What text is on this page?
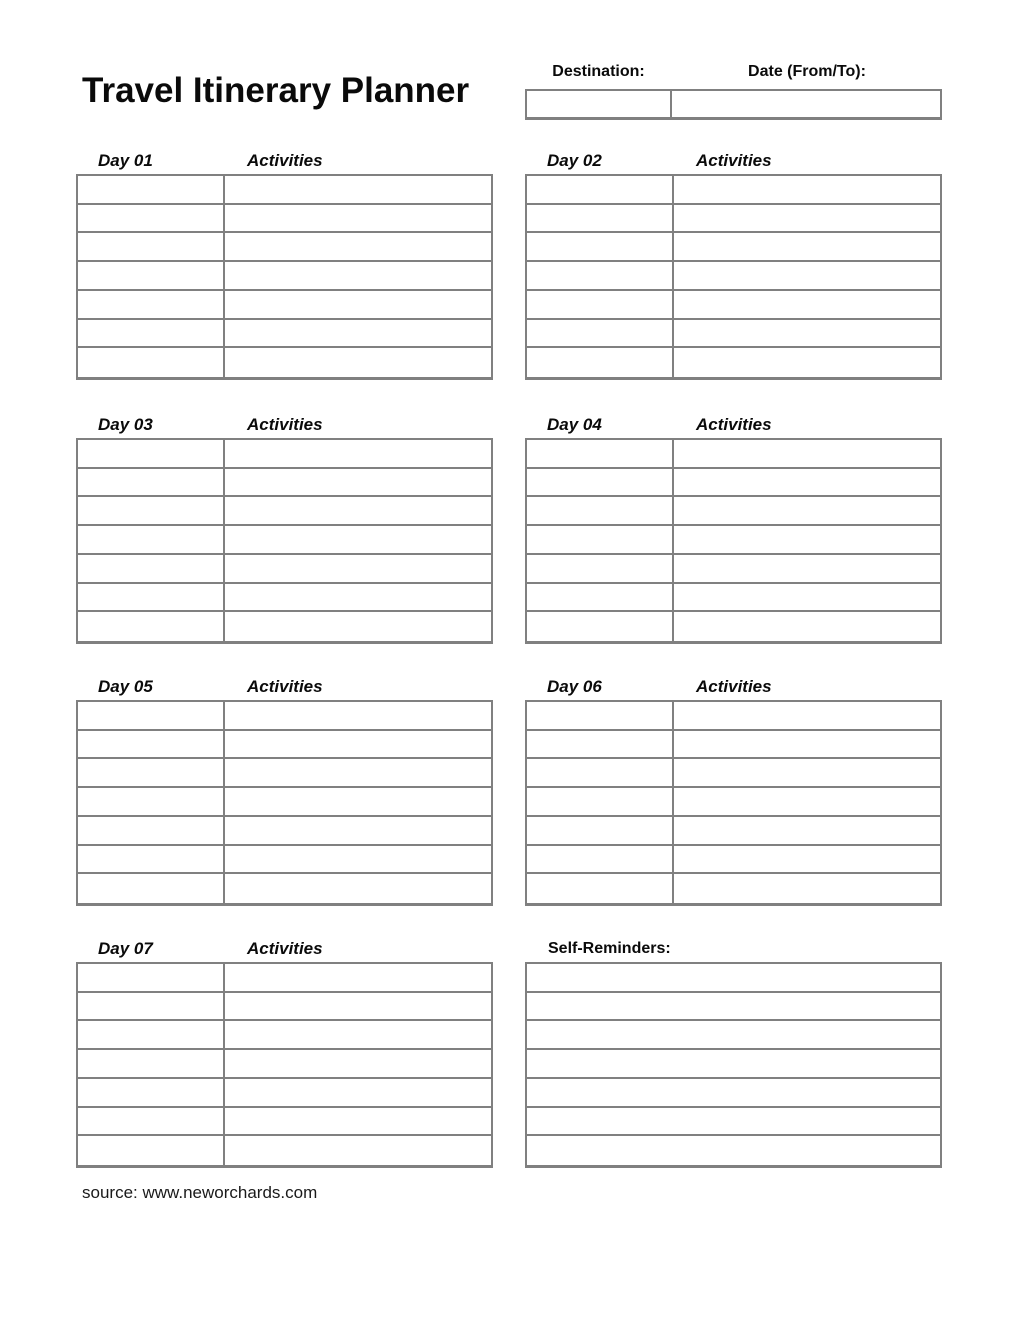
Travel Itinerary Planner	Destination:	Date (From/To):
Day 01	Activities	Day 02	Activities
Day 03	Activities	Day 04	Activities
Day 05	Activities	Day 06	Activities
Day 07	Activities	Self-Reminders:
source: www.neworchards.com
